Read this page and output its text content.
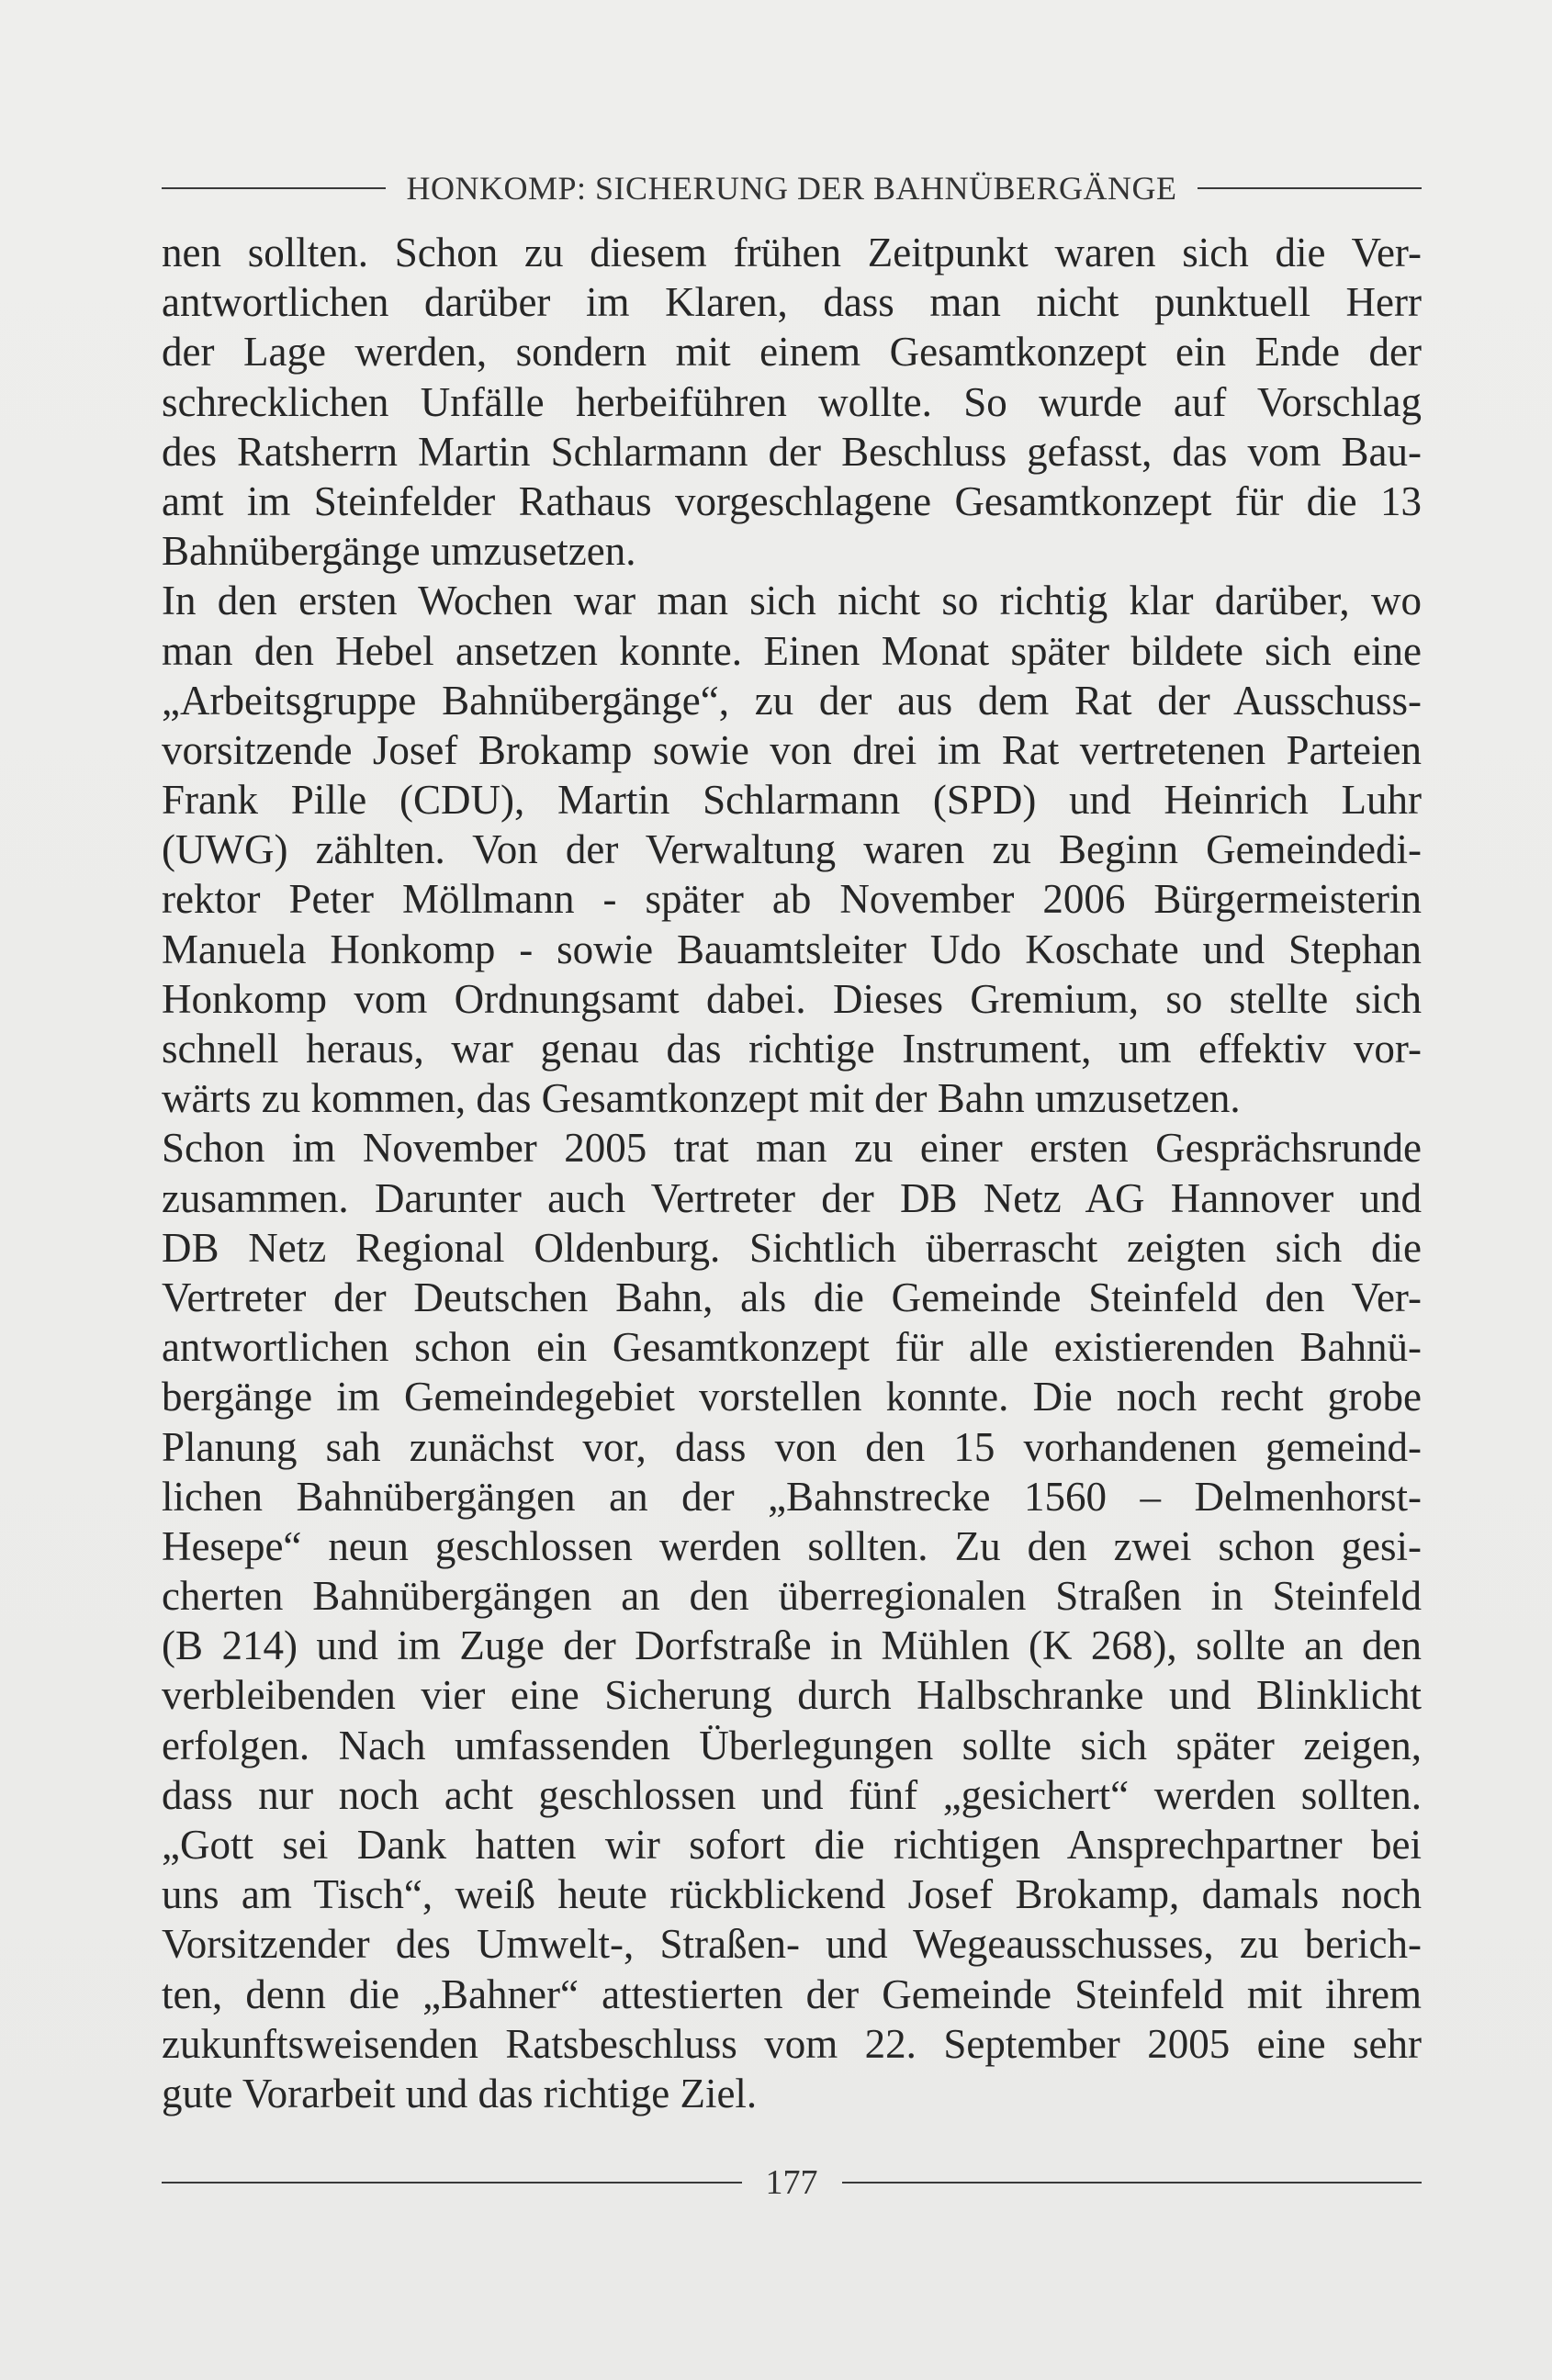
HONKOMP: SICHERUNG DER BAHNÜBERGÄNGE
nen sollten. Schon zu diesem frühen Zeitpunkt waren sich die Ver-
antwortlichen darüber im Klaren, dass man nicht punktuell Herr
der Lage werden, sondern mit einem Gesamtkonzept ein Ende der
schrecklichen Unfälle herbeiführen wollte. So wurde auf Vorschlag
des Ratsherrn Martin Schlarmann der Beschluss gefasst, das vom Bau-
amt im Steinfelder Rathaus vorgeschlagene Gesamtkonzept für die 13
Bahnübergänge umzusetzen.
In den ersten Wochen war man sich nicht so richtig klar darüber, wo
man den Hebel ansetzen konnte. Einen Monat später bildete sich eine
„Arbeitsgruppe Bahnübergänge“, zu der aus dem Rat der Ausschuss-
vorsitzende Josef Brokamp sowie von drei im Rat vertretenen Parteien
Frank Pille (CDU), Martin Schlarmann (SPD) und Heinrich Luhr
(UWG) zählten. Von der Verwaltung waren zu Beginn Gemeindedi-
rektor Peter Möllmann - später ab November 2006 Bürgermeisterin
Manuela Honkomp - sowie Bauamtsleiter Udo Koschate und Stephan
Honkomp vom Ordnungsamt dabei. Dieses Gremium, so stellte sich
schnell heraus, war genau das richtige Instrument, um effektiv vor-
wärts zu kommen, das Gesamtkonzept mit der Bahn umzusetzen.
Schon im November 2005 trat man zu einer ersten Gesprächsrunde
zusammen. Darunter auch Vertreter der DB Netz AG Hannover und
DB Netz Regional Oldenburg. Sichtlich überrascht zeigten sich die
Vertreter der Deutschen Bahn, als die Gemeinde Steinfeld den Ver-
antwortlichen schon ein Gesamtkonzept für alle existierenden Bahnü-
bergänge im Gemeindegebiet vorstellen konnte. Die noch recht grobe
Planung sah zunächst vor, dass von den 15 vorhandenen gemeind-
lichen Bahnübergängen an der „Bahnstrecke 1560 – Delmenhorst-
Hesepe“ neun geschlossen werden sollten. Zu den zwei schon gesi-
cherten Bahnübergängen an den überregionalen Straßen in Steinfeld
(B 214) und im Zuge der Dorfstraße in Mühlen (K 268), sollte an den
verbleibenden vier eine Sicherung durch Halbschranke und Blinklicht
erfolgen. Nach umfassenden Überlegungen sollte sich später zeigen,
dass nur noch acht geschlossen und fünf „gesichert“ werden sollten.
„Gott sei Dank hatten wir sofort die richtigen Ansprechpartner bei
uns am Tisch“, weiß heute rückblickend Josef Brokamp, damals noch
Vorsitzender des Umwelt-, Straßen- und Wegeausschusses, zu berich-
ten, denn die „Bahner“ attestierten der Gemeinde Steinfeld mit ihrem
zukunftsweisenden Ratsbeschluss vom 22. September 2005 eine sehr
gute Vorarbeit und das richtige Ziel.
177
